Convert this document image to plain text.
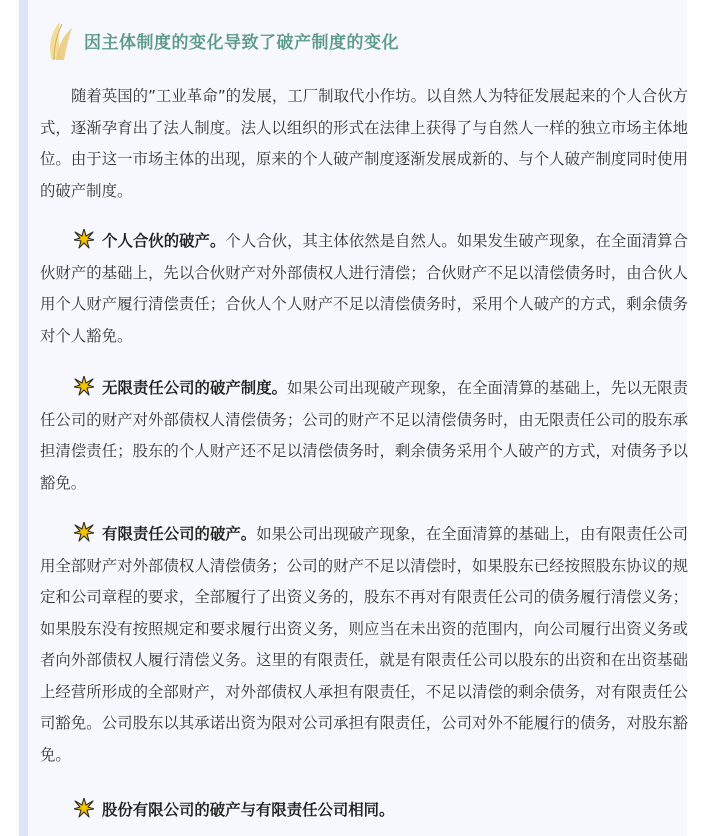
因主体制度的变化导致了破产制度的变化

随着英国的”工业革命”的发展，工厂制取代小作坊。以自然人为特征发展起来的个人合伙方式，逐渐孕育出了法人制度。法人以组织的形式在法律上获得了与自然人一样的独立市场主体地位。由于这一市场主体的出现，原来的个人破产制度逐渐发展成新的、与个人破产制度同时使用的破产制度。

个人合伙的破产。个人合伙，其主体依然是自然人。如果发生破产现象，在全面清算合伙财产的基础上，先以合伙财产对外部债权人进行清偿；合伙财产不足以清偿债务时，由合伙人用个人财产履行清偿责任；合伙人个人财产不足以清偿债务时，采用个人破产的方式，剩余债务对个人豁免。

无限责任公司的破产制度。如果公司出现破产现象，在全面清算的基础上，先以无限责任公司的财产对外部债权人清偿债务；公司的财产不足以清偿债务时，由无限责任公司的股东承担清偿责任；股东的个人财产还不足以清偿债务时，剩余债务采用个人破产的方式，对债务予以豁免。

有限责任公司的破产。如果公司出现破产现象，在全面清算的基础上，由有限责任公司用全部财产对外部债权人清偿债务；公司的财产不足以清偿时，如果股东已经按照股东协议的规定和公司章程的要求，全部履行了出资义务的，股东不再对有限责任公司的债务履行清偿义务；如果股东没有按照规定和要求履行出资义务，则应当在未出资的范围内，向公司履行出资义务或者向外部债权人履行清偿义务。这里的有限责任，就是有限责任公司以股东的出资和在出资基础上经营所形成的全部财产，对外部债权人承担有限责任，不足以清偿的剩余债务，对有限责任公司豁免。公司股东以其承诺出资为限对公司承担有限责任，公司对外不能履行的债务，对股东豁免。

股份有限公司的破产与有限责任公司相同。
